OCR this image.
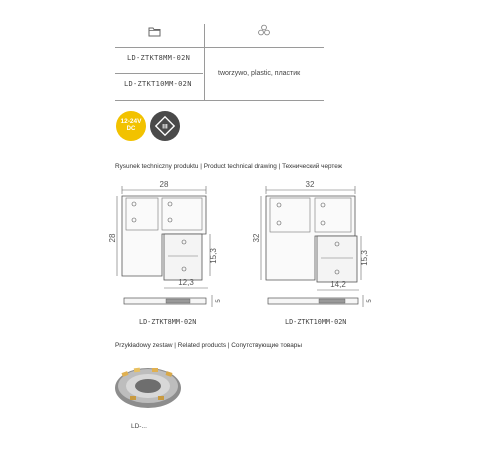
LD-ZTKT8MM-02N
LD-ZTKT10MM-02N
tworzywo, plastic, пластик
12-24V
DC	III
Rysunek techniczny produktu | Product technical drawing | Технический чертеж
28
28
15,3
12,3
5
LD-ZTKT8MM-02N
32
32
15,3
14,2
5
LD-ZTKT10MM-02N
Przykładowy zestaw | Related products | Сопутствующие товары
LD-...
